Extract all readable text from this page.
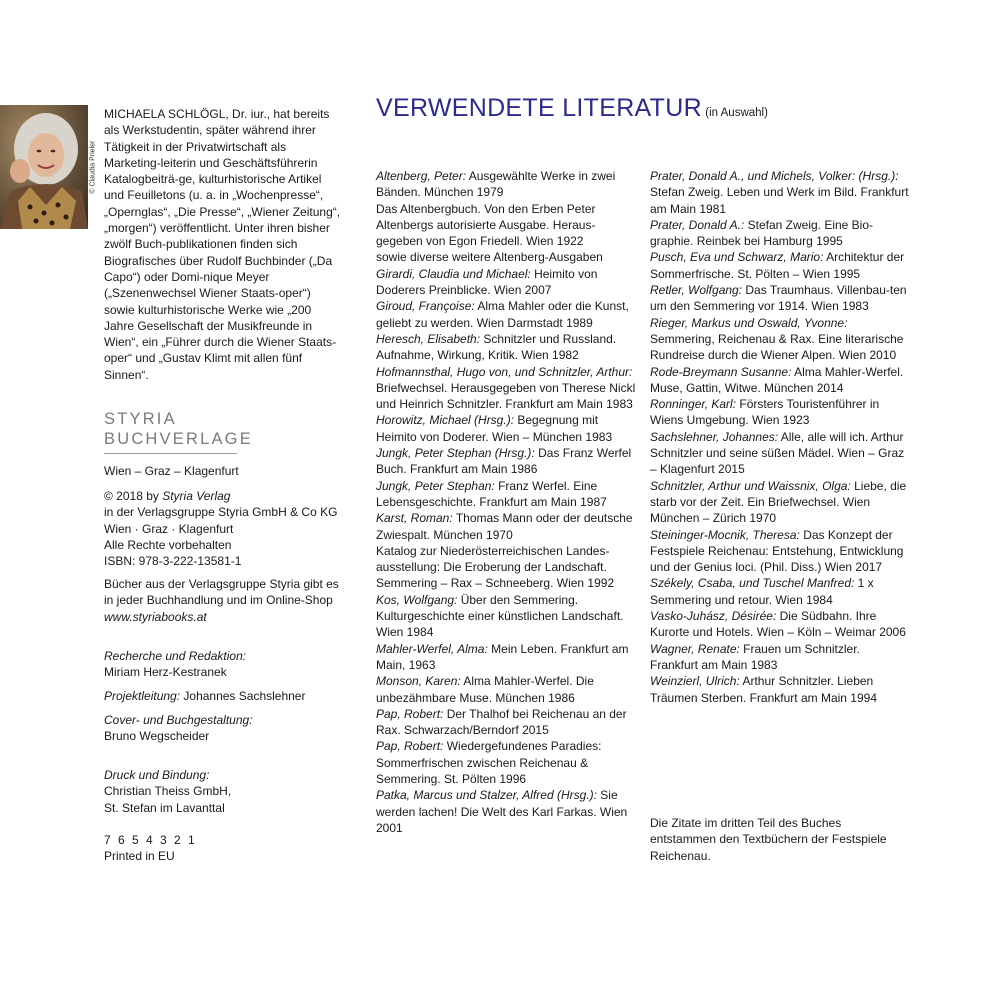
© Claudia Prieler

MICHAELA SCHLÖGL, Dr. iur., hat bereits als Werkstudentin, später während ihrer Tätigkeit in der Privatwirtschaft als Marketing-leiterin und Geschäftsführerin Katalogbeiträ-ge, kulturhistorische Artikel und Feuilletons (u. a. in „Wochenpresse“, „Opernglas“, „Die Presse“, „Wiener Zeitung“, „morgen“) veröffentlicht. Unter ihren bisher zwölf Buch-publikationen finden sich Biografisches über Rudolf Buchbinder („Da Capo“) oder Domi-nique Meyer („Szenenwechsel Wiener Staats-oper“) sowie kulturhistorische Werke wie „200 Jahre Gesellschaft der Musikfreunde in Wien“, ein „Führer durch die Wiener Staats-oper“ und „Gustav Klimt mit allen fünf Sinnen“.

STYRIA
BUCHVERLAGE

Wien – Graz – Klagenfurt

© 2018 by Styria Verlag

in der Verlagsgruppe Styria GmbH & Co KG

Wien · Graz · Klagenfurt

Alle Rechte vorbehalten

ISBN: 978-3-222-13581-1

Bücher aus der Verlagsgruppe Styria gibt es in jeder Buchhandlung und im Online-Shop

www.styriabooks.at

Recherche und Redaktion:

Miriam Herz-Kestranek

Projektleitung: Johannes Sachslehner

Cover- und Buchgestaltung:

Bruno Wegscheider

Druck und Bindung:

Christian Theiss GmbH, St. Stefan im Lavanttal

7 6 5 4 3 2 1

Printed in EU

VERWENDETE LITERATUR (in Auswahl)

Altenberg, Peter: Ausgewählte Werke in zwei Bänden. München 1979

Das Altenbergbuch. Von den Erben Peter Altenbergs autorisierte Ausgabe. Heraus-gegeben von Egon Friedell. Wien 1922

sowie diverse weitere Altenberg-Ausgaben

Girardi, Claudia und Michael: Heimito von Doderers Preinblicke. Wien 2007

Giroud, Françoise: Alma Mahler oder die Kunst, geliebt zu werden. Wien Darmstadt 1989

Heresch, Elisabeth: Schnitzler und Russland. Aufnahme, Wirkung, Kritik. Wien 1982

Hofmannsthal, Hugo von, und Schnitzler, Arthur: Briefwechsel. Herausgegeben von Therese Nickl und Heinrich Schnitzler. Frankfurt am Main 1983

Horowitz, Michael (Hrsg.): Begegnung mit Heimito von Doderer. Wien – München 1983

Jungk, Peter Stephan (Hrsg.): Das Franz Werfel Buch. Frankfurt am Main 1986

Jungk, Peter Stephan: Franz Werfel. Eine Lebensgeschichte. Frankfurt am Main 1987

Karst, Roman: Thomas Mann oder der deutsche Zwiespalt. München 1970

Katalog zur Niederösterreichischen Landes-ausstellung: Die Eroberung der Landschaft. Semmering – Rax – Schneeberg. Wien 1992

Kos, Wolfgang: Über den Semmering. Kulturgeschichte einer künstlichen Landschaft. Wien 1984

Mahler-Werfel, Alma: Mein Leben. Frankfurt am Main, 1963

Monson, Karen: Alma Mahler-Werfel. Die unbezähmbare Muse. München 1986

Pap, Robert: Der Thalhof bei Reichenau an der Rax. Schwarzach/Berndorf 2015

Pap, Robert: Wiedergefundenes Paradies: Sommerfrischen zwischen Reichenau & Semmering. St. Pölten 1996

Patka, Marcus und Stalzer, Alfred (Hrsg.): Sie werden lachen! Die Welt des Karl Farkas. Wien 2001

Prater, Donald A., und Michels, Volker: (Hrsg.): Stefan Zweig. Leben und Werk im Bild. Frankfurt am Main 1981

Prater, Donald A.: Stefan Zweig. Eine Bio-graphie. Reinbek bei Hamburg 1995

Pusch, Eva und Schwarz, Mario: Architektur der Sommerfrische. St. Pölten – Wien 1995

Retler, Wolfgang: Das Traumhaus. Villenbau-ten um den Semmering vor 1914. Wien 1983

Rieger, Markus und Oswald, Yvonne: Semmering, Reichenau & Rax. Eine literarische Rundreise durch die Wiener Alpen. Wien 2010

Rode-Breymann Susanne: Alma Mahler-Werfel. Muse, Gattin, Witwe. München 2014

Ronninger, Karl: Försters Touristenführer in Wiens Umgebung. Wien 1923

Sachslehner, Johannes: Alle, alle will ich. Arthur Schnitzler und seine süßen Mädel. Wien – Graz – Klagenfurt 2015

Schnitzler, Arthur und Waissnix, Olga: Liebe, die starb vor der Zeit. Ein Briefwechsel. Wien München – Zürich 1970

Steininger-Mocnik, Theresa: Das Konzept der Festspiele Reichenau: Entstehung, Entwicklung und der Genius loci. (Phil. Diss.) Wien 2017

Székely, Csaba, und Tuschel Manfred: 1 x Semmering und retour. Wien 1984

Vasko-Juhász, Désirée: Die Südbahn. Ihre Kurorte und Hotels. Wien – Köln – Weimar 2006

Wagner, Renate: Frauen um Schnitzler. Frankfurt am Main 1983

Weinzierl, Ulrich: Arthur Schnitzler. Lieben Träumen Sterben. Frankfurt am Main 1994

Die Zitate im dritten Teil des Buches entstammen den Textbüchern der Festspiele Reichenau.
